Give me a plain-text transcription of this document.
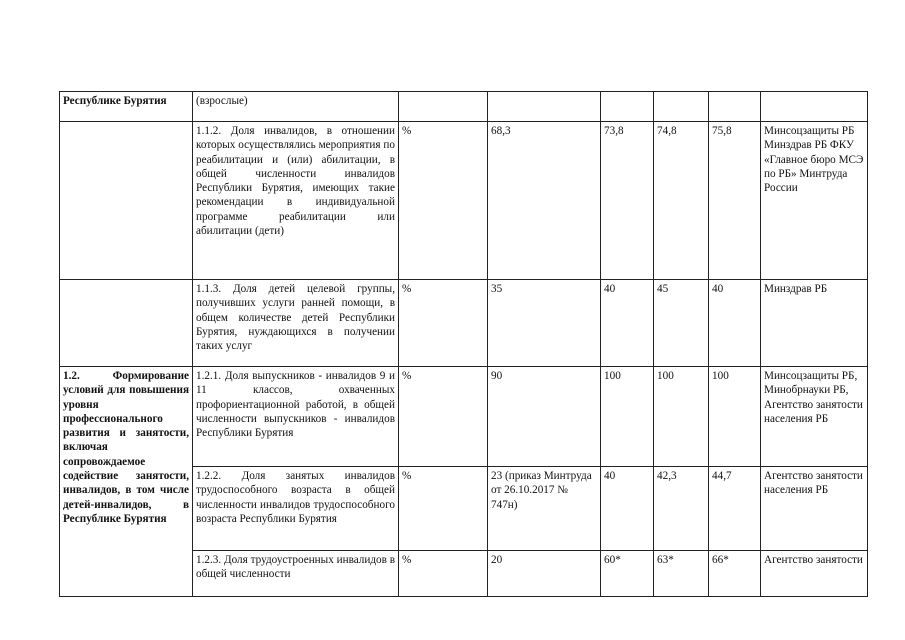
Республике Бурятия	(взрослые)						
	1.1.2. Доля инвалидов, в отношении которых осуществлялись мероприятия по реабилитации и (или) абилитации, в общей численности инвалидов Республики Бурятия, имеющих такие рекомендации в индивидуальной программе реабилитации или абилитации (дети)	%	68,3	73,8	74,8	75,8	Минсоцзащиты РБ Минздрав РБ ФКУ «Главное бюро МСЭ по РБ» Минтруда России
	1.1.3. Доля детей целевой группы, получивших услуги ранней помощи, в общем количестве детей Республики Бурятия, нуждающихся в получении таких услуг	%	35	40	45	40	Минздрав РБ
1.2. Формирование условий для повышения уровня профессионального развития и занятости, включая сопровождаемое содействие занятости, инвалидов, в том числе детей-инвалидов, в Республике Бурятия	1.2.1. Доля выпускников - инвалидов 9 и 11 классов, охваченных профориентационной работой, в общей численности выпускников - инвалидов Республики Бурятия	%	90	100	100	100	Минсоцзащиты РБ, Минобрнауки РБ, Агентство занятости населения РБ
	1.2.2. Доля занятых инвалидов трудоспособного возраста в общей численности инвалидов трудоспособного возраста Республики Бурятия	%	23 (приказ Минтруда от 26.10.2017 № 747н)	40	42,3	44,7	Агентство занятости населения РБ

	1.2.3. Доля трудоустроенных инвалидов в общей численности	%	20	60*	63*	66*	Агентство занятости
